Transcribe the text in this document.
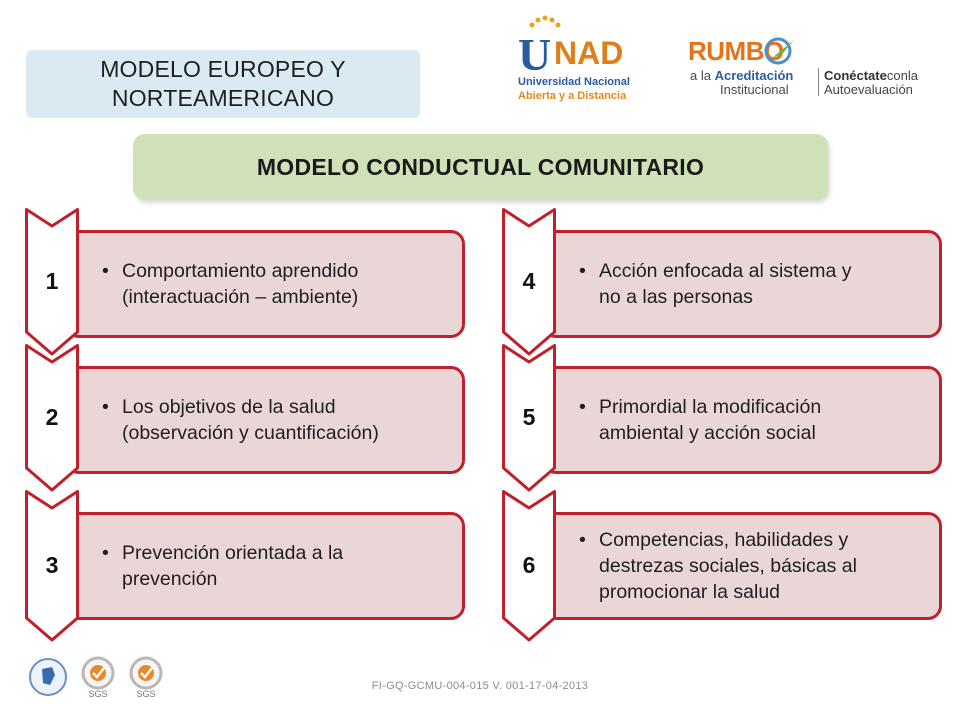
MODELO EUROPEO Y
NORTEAMERICANO
U NAD
Universidad Nacional
Abierta y a Distancia
RUMBO
a la Acreditación
Institucional
Conéctateconla
Autoevaluación
MODELO CONDUCTUAL COMUNITARIO
• Comportamiento aprendido
(interactuación – ambiente)
1
• Los objetivos de la salud
(observación y cuantificación)
2
• Prevención orientada a la
prevención
3
• Acción enfocada al sistema y
no a las personas
4
• Primordial la modificación
ambiental y acción social
5
• Competencias, habilidades y
destrezas sociales, básicas al
promocionar la salud
6
FI-GQ-GCMU-004-015 V. 001-17-04-2013
SGS	SGS
